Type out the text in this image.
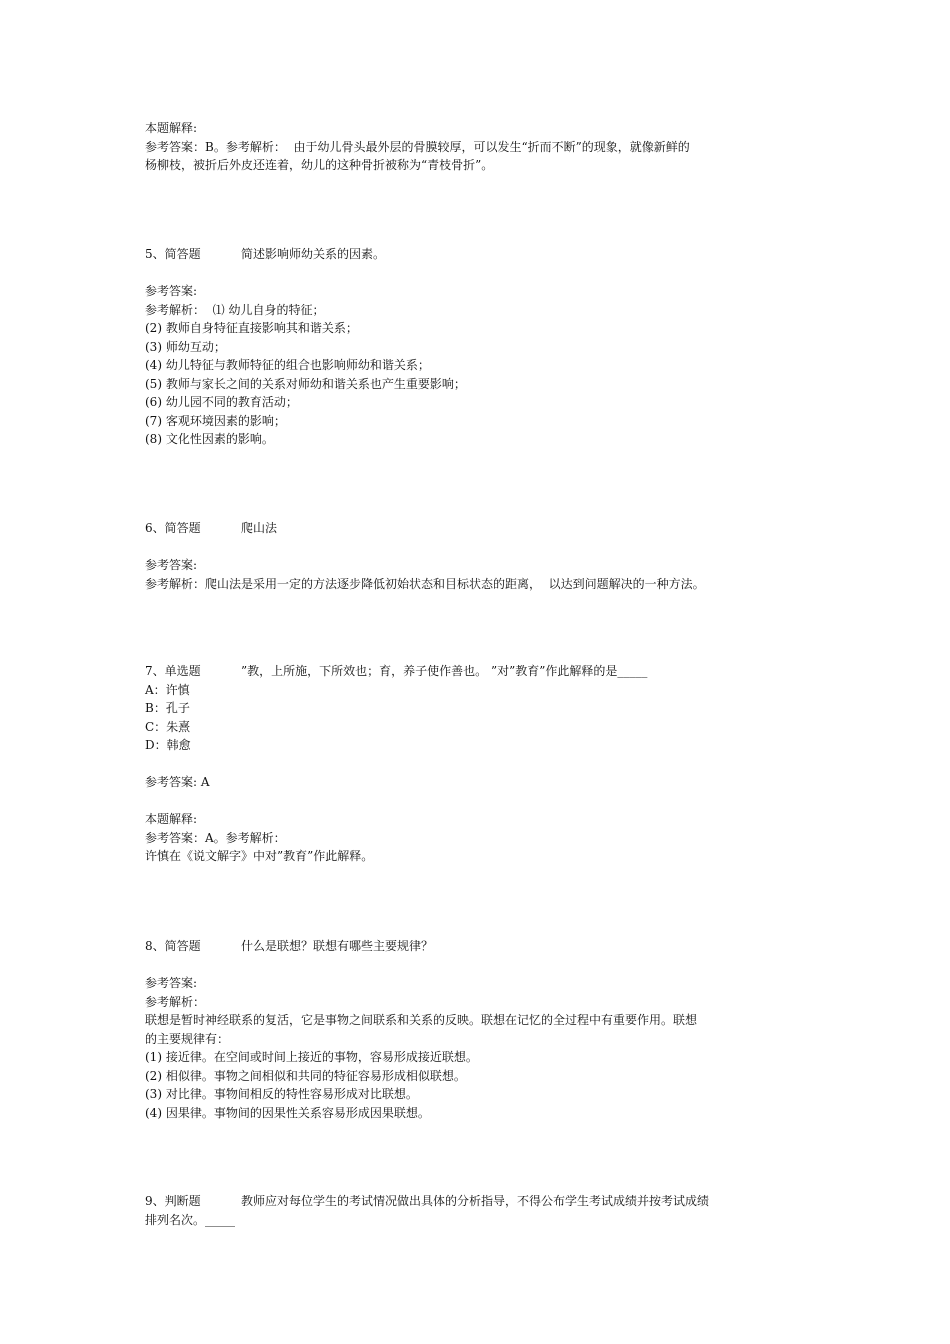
本题解释:

参考答案：B。参考解析：  由于幼儿骨头最外层的骨膜较厚，可以发生“折而不断”的现象，就像新鲜的

杨柳枝，被折后外皮还连着，幼儿的这种骨折被称为“青枝骨折”。

5、简答题	简述影响师幼关系的因素。

参考答案:

参考解析：  ⑴ 幼儿自身的特征；

(2) 教师自身特征直接影响其和谐关系；

(3) 师幼互动；

(4) 幼儿特征与教师特征的组合也影响师幼和谐关系；

(5) 教师与家长之间的关系对师幼和谐关系也产生重要影响；

(6) 幼儿园不同的教育活动；

(7) 客观环境因素的影响；

(8) 文化性因素的影响。

6、简答题	爬山法

参考答案:

参考解析：爬山法是采用一定的方法逐步降低初始状态和目标状态的距离，  以达到问题解决的一种方法。

7、单选题	”教，上所施，下所效也；育，养子使作善也。 ”对”教育”作此解释的是_____

A：许慎

B：孔子

C：朱熹

D：韩愈

参考答案: A

本题解释:

参考答案：A。参考解析：

许慎在《说文解字》中对”教育”作此解释。

8、简答题	什么是联想？联想有哪些主要规律？

参考答案:

参考解析：

联想是暂时神经联系的复活，它是事物之间联系和关系的反映。联想在记忆的全过程中有重要作用。联想

的主要规律有：

(1) 接近律。在空间或时间上接近的事物，容易形成接近联想。

(2) 相似律。事物之间相似和共同的特征容易形成相似联想。

(3) 对比律。事物间相反的特性容易形成对比联想。

(4) 因果律。事物间的因果性关系容易形成因果联想。

9、判断题	教师应对每位学生的考试情况做出具体的分析指导，不得公布学生考试成绩并按考试成绩

排列名次。_____
